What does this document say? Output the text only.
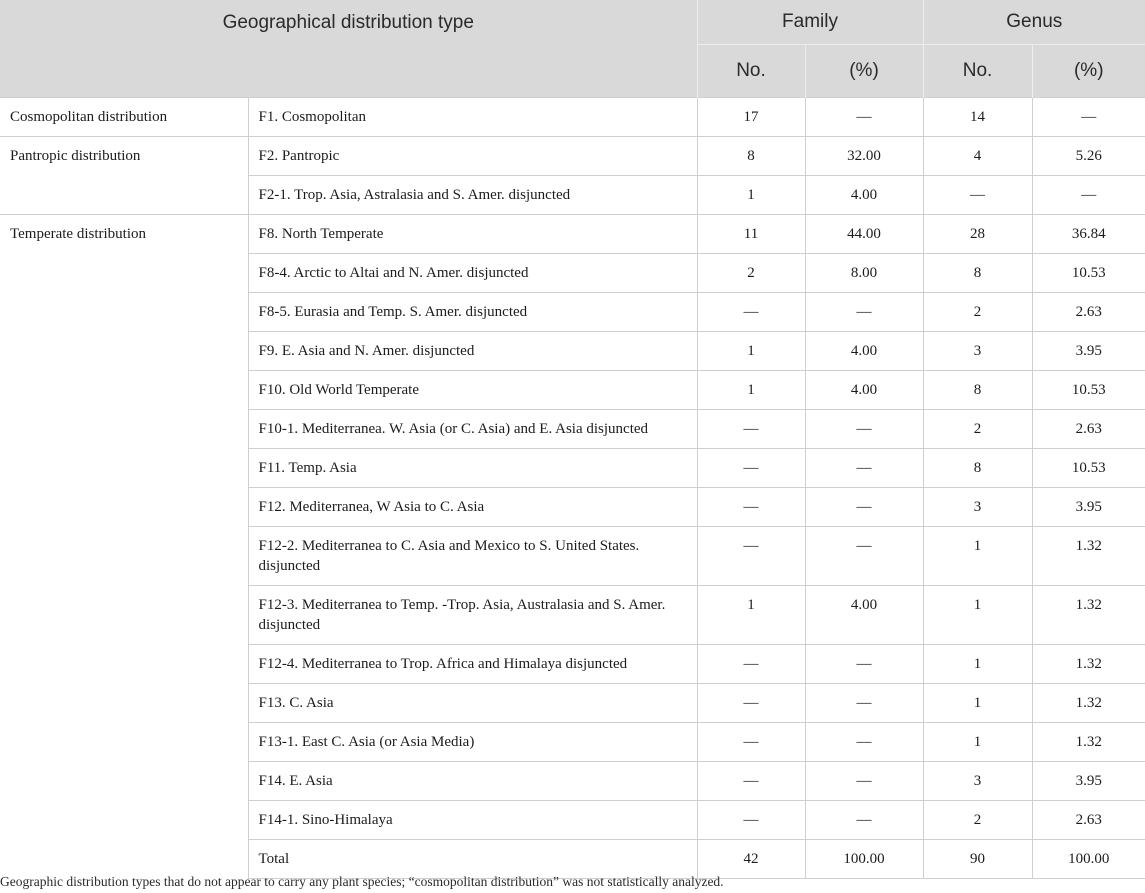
Geographical distribution type		Family		Genus	
		No.	(%)	No.	(%)
Cosmopolitan distribution	F1. Cosmopolitan	17	—	14	—
Pantropic distribution	F2. Pantropic	8	32.00	4	5.26
	F2-1. Trop. Asia, Astralasia and S. Amer. disjuncted	1	4.00	—	—
Temperate distribution	F8. North Temperate	11	44.00	28	36.84
	F8-4. Arctic to Altai and N. Amer. disjuncted	2	8.00	8	10.53
	F8-5. Eurasia and Temp. S. Amer. disjuncted	—	—	2	2.63
	F9. E. Asia and N. Amer. disjuncted	1	4.00	3	3.95
	F10. Old World Temperate	1	4.00	8	10.53
	F10-1. Mediterranea. W. Asia (or C. Asia) and E. Asia disjuncted	—	—	2	2.63
	F11. Temp. Asia	—	—	8	10.53
	F12. Mediterranea, W Asia to C. Asia	—	—	3	3.95
	F12-2. Mediterranea to C. Asia and Mexico to S. United States. disjuncted	—	—	1	1.32
	F12-3. Mediterranea to Temp. -Trop. Asia, Australasia and S. Amer. disjuncted	1	4.00	1	1.32
	F12-4. Mediterranea to Trop. Africa and Himalaya disjuncted	—	—	1	1.32
	F13. C. Asia	—	—	1	1.32
	F13-1. East C. Asia (or Asia Media)	—	—	1	1.32
	F14. E. Asia	—	—	3	3.95
	F14-1. Sino-Himalaya	—	—	2	2.63
	Total	42	100.00	90	100.00
Geographic distribution types that do not appear to carry any plant species; “cosmopolitan distribution” was not statistically analyzed.
